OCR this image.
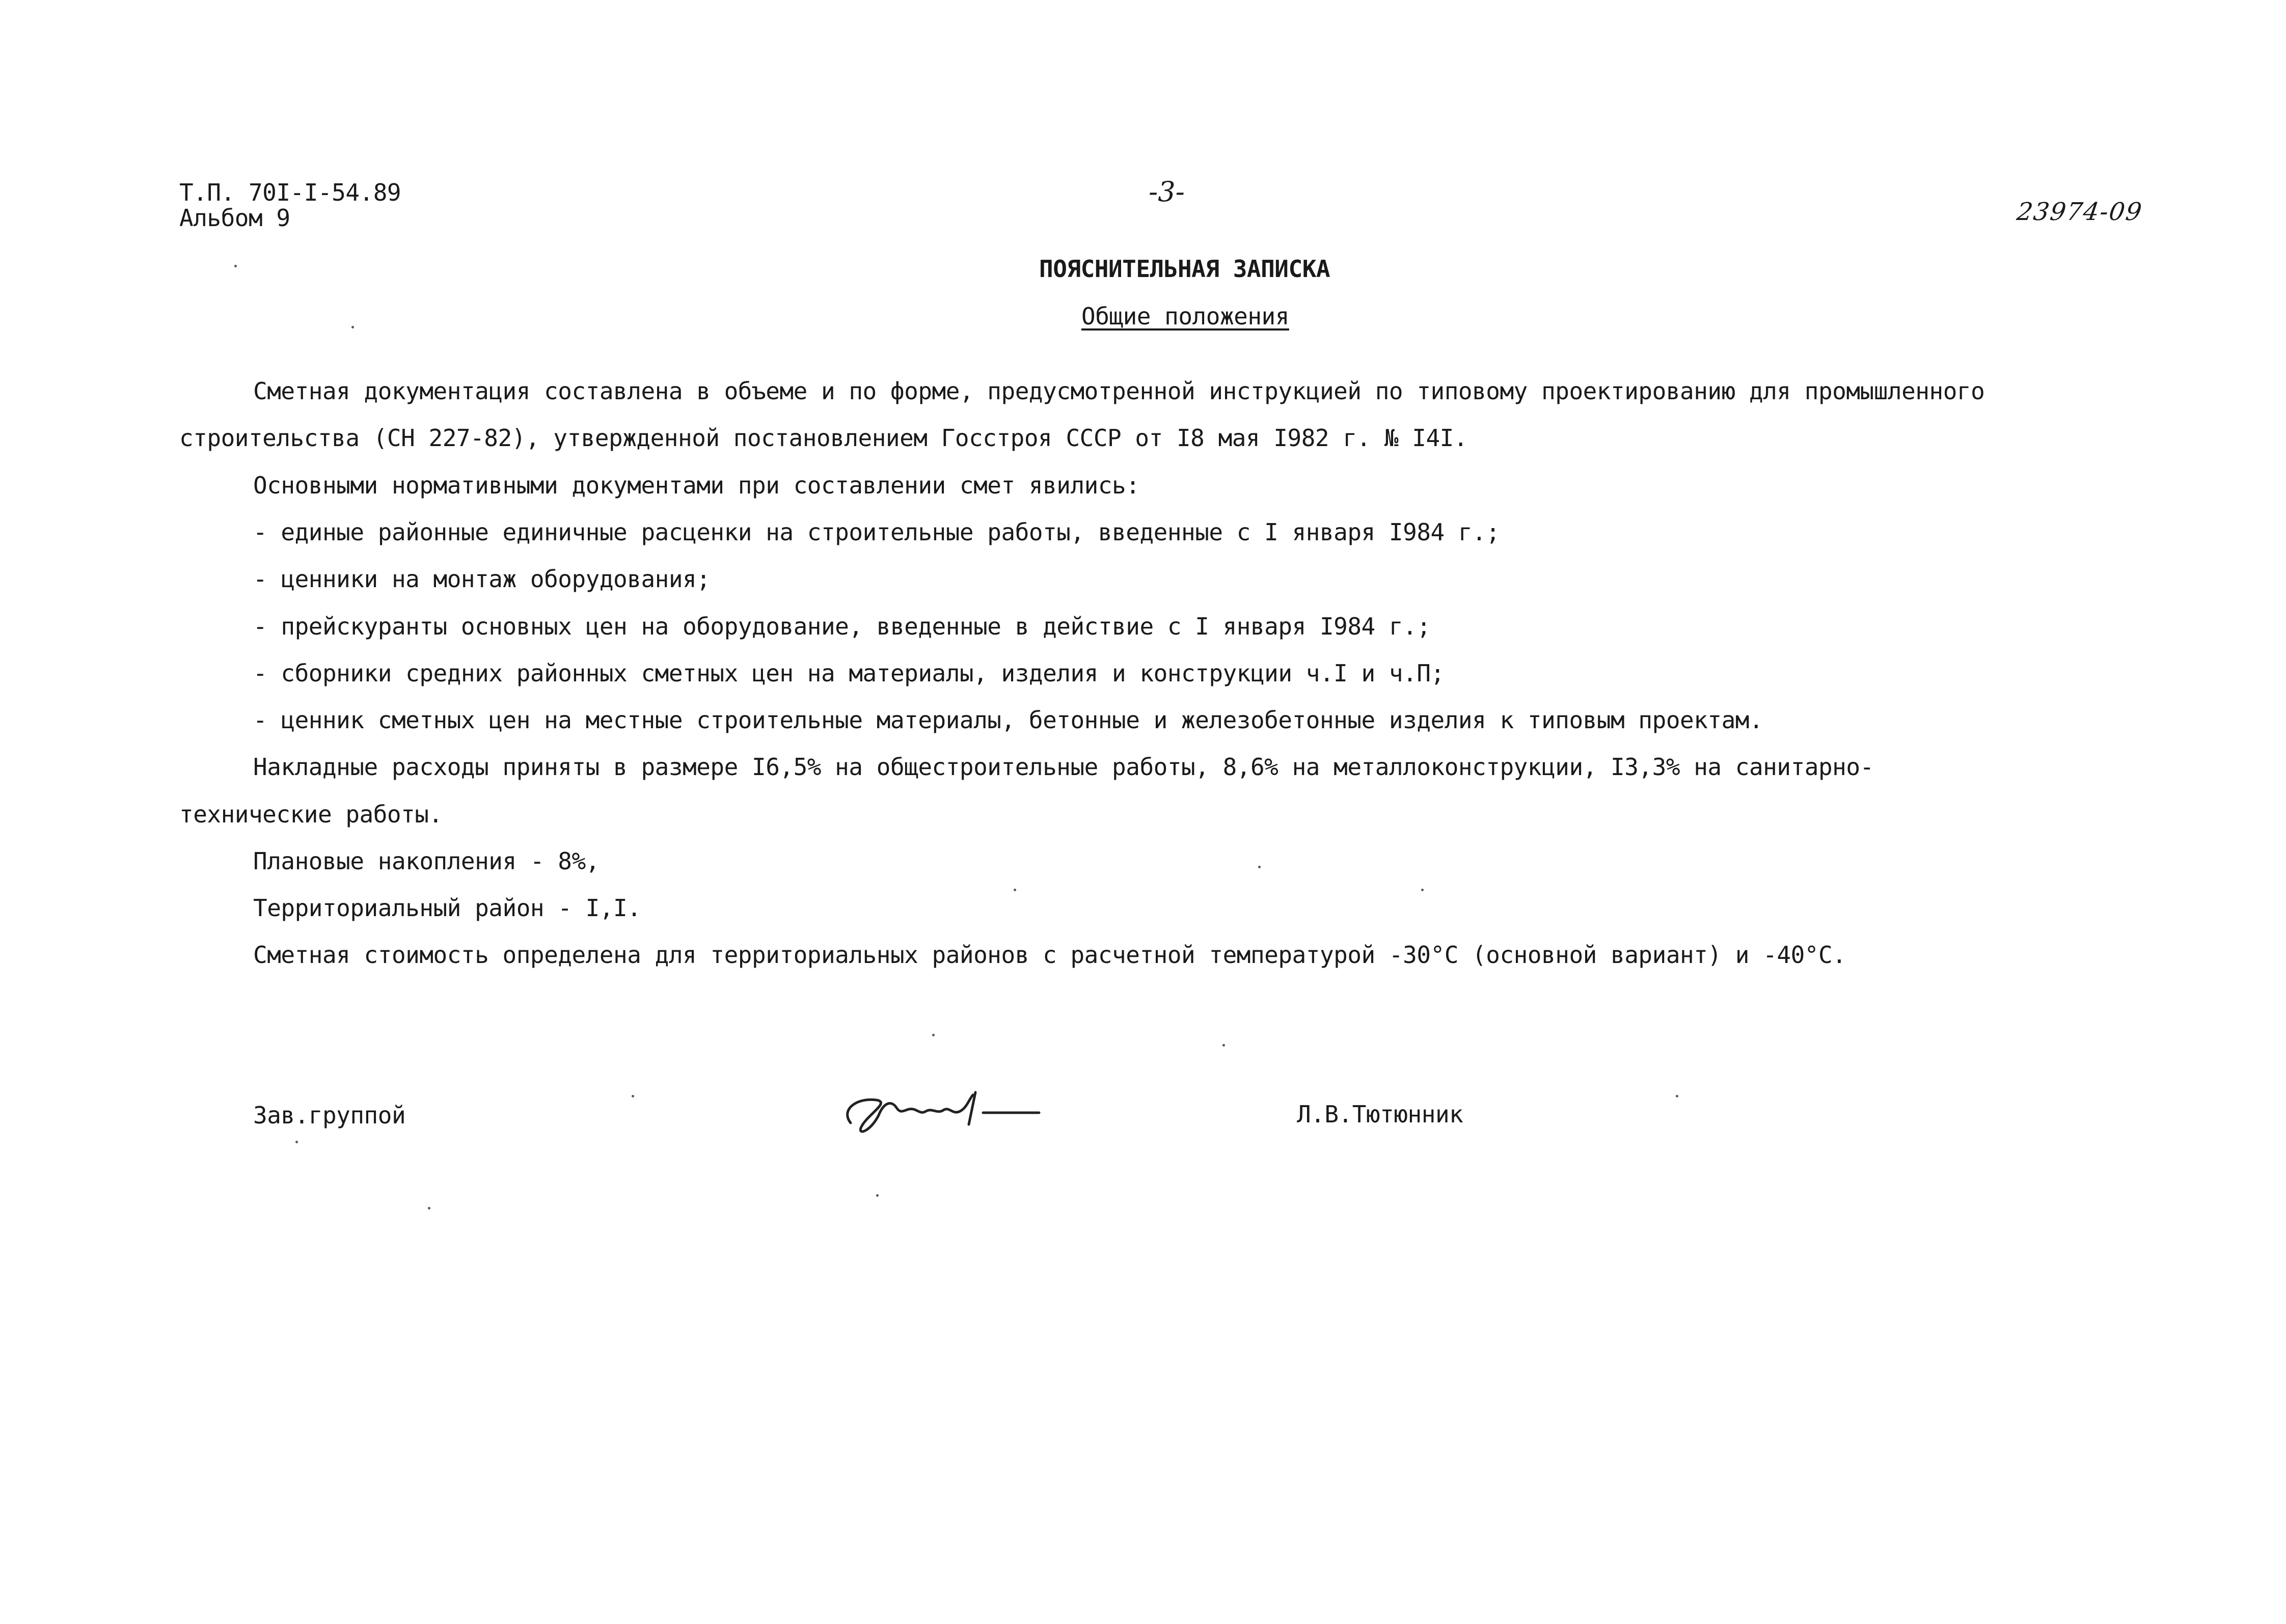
Т.П. 70I-I-54.89
Альбом 9
-3-
23974-09
ПОЯСНИТЕЛЬНАЯ ЗАПИСКА
Общие положения
Сметная документация составлена в объеме и по форме, предусмотренной инструкцией по типовому проектированию для промышленного
строительства (СН 227-82), утвержденной постановлением Госстроя СССР от I8 мая I982 г. № I4I.
Основными нормативными документами при составлении смет явились:
- единые районные единичные расценки на строительные работы, введенные с I января I984 г.;
- ценники на монтаж оборудования;
- прейскуранты основных цен на оборудование, введенные в действие с I января I984 г.;
- сборники средних районных сметных цен на материалы, изделия и конструкции ч.I и ч.П;
- ценник сметных цен на местные строительные материалы, бетонные и железобетонные изделия к типовым проектам.
Накладные расходы приняты в размере I6,5% на общестроительные работы, 8,6% на металлоконструкции, I3,3% на санитарно-
технические работы.
Плановые накопления - 8%,
Территориальный район - I,I.
Сметная стоимость определена для территориальных районов с расчетной температурой -30°С (основной вариант) и -40°С.
Зав.группой	Л.В.Тютюнник
